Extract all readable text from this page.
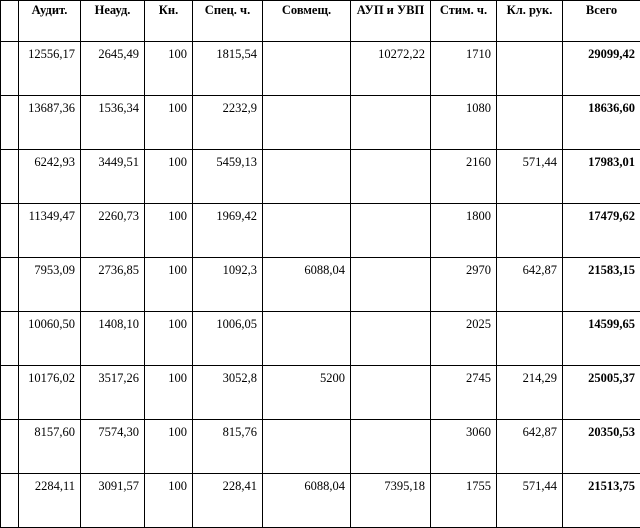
	Аудит.	Неауд.	Кн.	Спец. ч.	Совмещ.	АУП и УВП	Стим. ч.	Кл. рук.	Всего
	12556,17	2645,49	100	1815,54		10272,22	1710		29099,42
	13687,36	1536,34	100	2232,9			1080		18636,60
	6242,93	3449,51	100	5459,13			2160	571,44	17983,01
	11349,47	2260,73	100	1969,42			1800		17479,62
	7953,09	2736,85	100	1092,3	6088,04		2970	642,87	21583,15
	10060,50	1408,10	100	1006,05			2025		14599,65
	10176,02	3517,26	100	3052,8	5200		2745	214,29	25005,37
	8157,60	7574,30	100	815,76			3060	642,87	20350,53
	2284,11	3091,57	100	228,41	6088,04	7395,18	1755	571,44	21513,75
